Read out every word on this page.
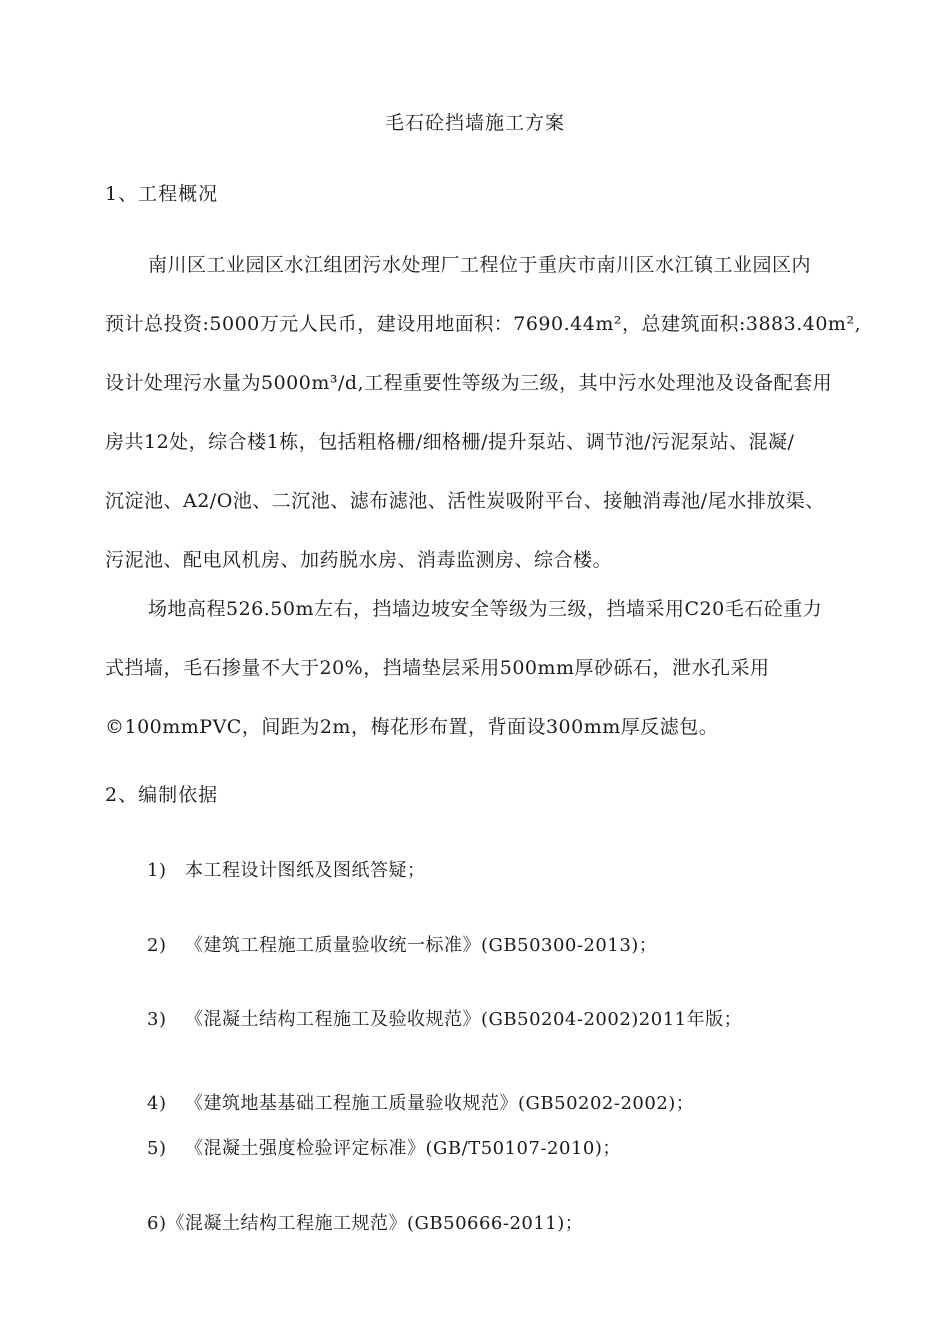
毛石砼挡墙施工方案
1、工程概况
南川区工业园区水江组团污水处理厂工程位于重庆市南川区水江镇工业园区内
预计总投资:5000万元人民币，建设用地面积：7690.44m²，总建筑面积:3883.40m²,
设计处理污水量为5000m³/d,工程重要性等级为三级，其中污水处理池及设备配套用
房共12处，综合楼1栋，包括粗格栅/细格栅/提升泵站、调节池/污泥泵站、混凝/
沉淀池、A2/O池、二沉池、滤布滤池、活性炭吸附平台、接触消毒池/尾水排放渠、
污泥池、配电风机房、加药脱水房、消毒监测房、综合楼。
场地高程526.50m左右，挡墙边坡安全等级为三级，挡墙采用C20毛石砼重力
式挡墙，毛石掺量不大于20%，挡墙垫层采用500mm厚砂砾石，泄水孔采用
©100mmPVC，间距为2m，梅花形布置，背面设300mm厚反滤包。
2、编制依据
1) 本工程设计图纸及图纸答疑；
2) 《建筑工程施工质量验收统一标准》(GB50300-2013)；
3) 《混凝土结构工程施工及验收规范》(GB50204-2002)2011年版；
4) 《建筑地基基础工程施工质量验收规范》(GB50202-2002)；
5) 《混凝土强度检验评定标准》(GB/T50107-2010)；
6)《混凝土结构工程施工规范》(GB50666-2011)；
